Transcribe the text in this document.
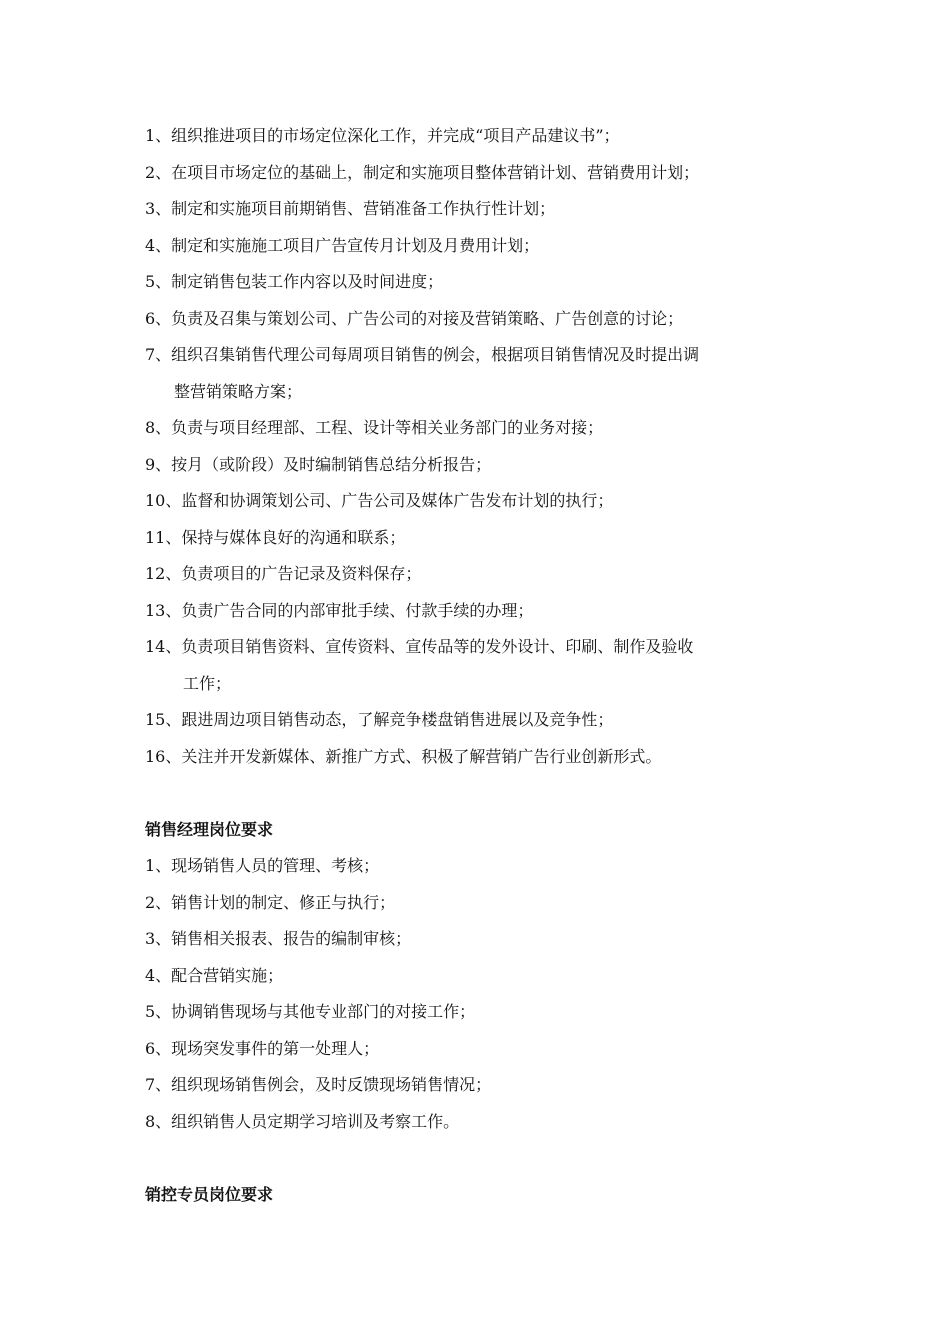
1、组织推进项目的市场定位深化工作，并完成“项目产品建议书”；
2、在项目市场定位的基础上，制定和实施项目整体营销计划、营销费用计划；
3、制定和实施项目前期销售、营销准备工作执行性计划；
4、制定和实施施工项目广告宣传月计划及月费用计划；
5、制定销售包装工作内容以及时间进度；
6、负责及召集与策划公司、广告公司的对接及营销策略、广告创意的讨论；
7、组织召集销售代理公司每周项目销售的例会，根据项目销售情况及时提出调
整营销策略方案；
8、负责与项目经理部、工程、设计等相关业务部门的业务对接；
9、按月（或阶段）及时编制销售总结分析报告；
10、监督和协调策划公司、广告公司及媒体广告发布计划的执行；
11、保持与媒体良好的沟通和联系；
12、负责项目的广告记录及资料保存；
13、负责广告合同的内部审批手续、付款手续的办理；
14、负责项目销售资料、宣传资料、宣传品等的发外设计、印刷、制作及验收
工作；
15、跟进周边项目销售动态，了解竞争楼盘销售进展以及竞争性；
16、关注并开发新媒体、新推广方式、积极了解营销广告行业创新形式。
销售经理岗位要求
1、现场销售人员的管理、考核；
2、销售计划的制定、修正与执行；
3、销售相关报表、报告的编制审核；
4、配合营销实施；
5、协调销售现场与其他专业部门的对接工作；
6、现场突发事件的第一处理人；
7、组织现场销售例会，及时反馈现场销售情况；
8、组织销售人员定期学习培训及考察工作。
销控专员岗位要求
